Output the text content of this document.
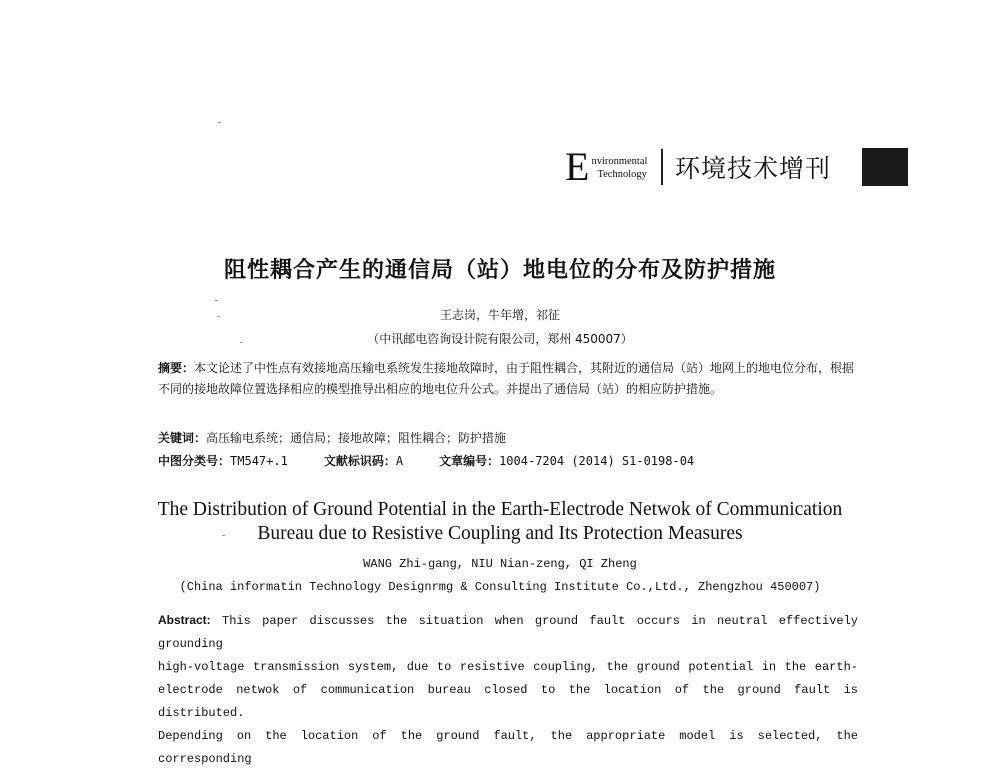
E nvironmental
Technology 环境技术增刊
阻性耦合产生的通信局（站）地电位的分布及防护措施
王志岗，牛年增，祁征
（中讯邮电咨询设计院有限公司，郑州 450007）
摘要：本文论述了中性点有效接地高压输电系统发生接地故障时，由于阻性耦合，其附近的通信局（站）地网上的地电位分布，根据不同的接地故障位置选择相应的模型推导出相应的地电位升公式。并提出了通信局（站）的相应防护措施。
关键词：高压输电系统；通信局；接地故障；阻性耦合；防护措施
中图分类号：TM547+.1	文献标识码：A	文章编号：1004-7204 (2014) S1-0198-04
The Distribution of Ground Potential in the Earth-Electrode Netwok of Communication
Bureau due to Resistive Coupling and Its Protection Measures
WANG Zhi-gang, NIU Nian-zeng, QI Zheng
(China informatin Technology Designrmg & Consulting Institute Co.,Ltd., Zhengzhou 450007)
Abstract: This paper discusses the situation when ground fault occurs in neutral effectively grounding
high-voltage transmission system, due to resistive coupling, the ground potential in the earth-
electrode netwok of communication bureau closed to the location of the ground fault is distributed.
Depending on the location of the ground fault, the appropriate model is selected, the corresponding
